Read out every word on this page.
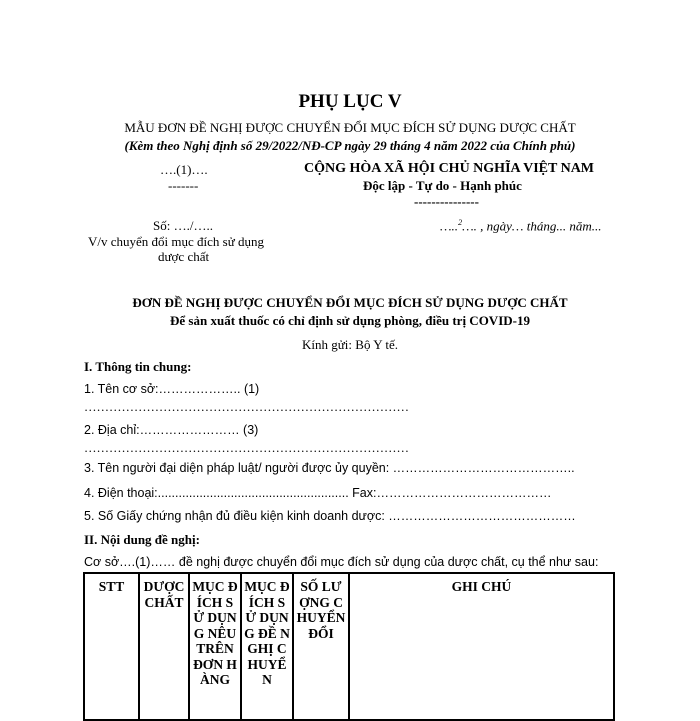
PHỤ LỤC V
MẪU ĐƠN ĐỀ NGHỊ ĐƯỢC CHUYỂN ĐỔI MỤC ĐÍCH SỬ DỤNG DƯỢC CHẤT
(Kèm theo Nghị định số 29/2022/NĐ-CP ngày 29 tháng 4 năm 2022 của Chính phủ)
….(1)….
-------
Số: …./…..
V/v chuyển đổi mục đích sử dụng
dược chất
CỘNG HÒA XÃ HỘI CHỦ NGHĨA VIỆT NAM
Độc lập - Tự do - Hạnh phúc
---------------
…..$^2$…. , ngày… tháng... năm...
ĐƠN ĐỀ NGHỊ ĐƯỢC CHUYỂN ĐỔI MỤC ĐÍCH SỬ DỤNG DƯỢC CHẤT
Để sản xuất thuốc có chỉ định sử dụng phòng, điều trị COVID-19
Kính gửi: Bộ Y tế.
I. Thông tin chung:
1. Tên cơ sở:……………….. (1)
……………………………………………………………………
2. Địa chỉ:…………………… (3)
……………………………………………………………………
3. Tên người đại diện pháp luật/ người được ủy quyền: ……………………………………..
4. Điện thoại:....................................................... Fax:……………………………………
5. Số Giấy chứng nhận đủ điều kiện kinh doanh dược: ………………………………………
II. Nội dung đề nghị:
Cơ sở….(1)…… đề nghị được chuyển đổi mục đích sử dụng của dược chất, cụ thể như sau:
STT	DƯỢC CHẤT	MỤC ĐÍCH SỬ DỤNG NÊU TRÊN ĐƠN HÀNG	MỤC ĐÍCH SỬ DỤNG ĐỀ NGHỊ CHUYỂN	SỐ LƯỢNG CHUYỂN ĐỔI	GHI CHÚ
